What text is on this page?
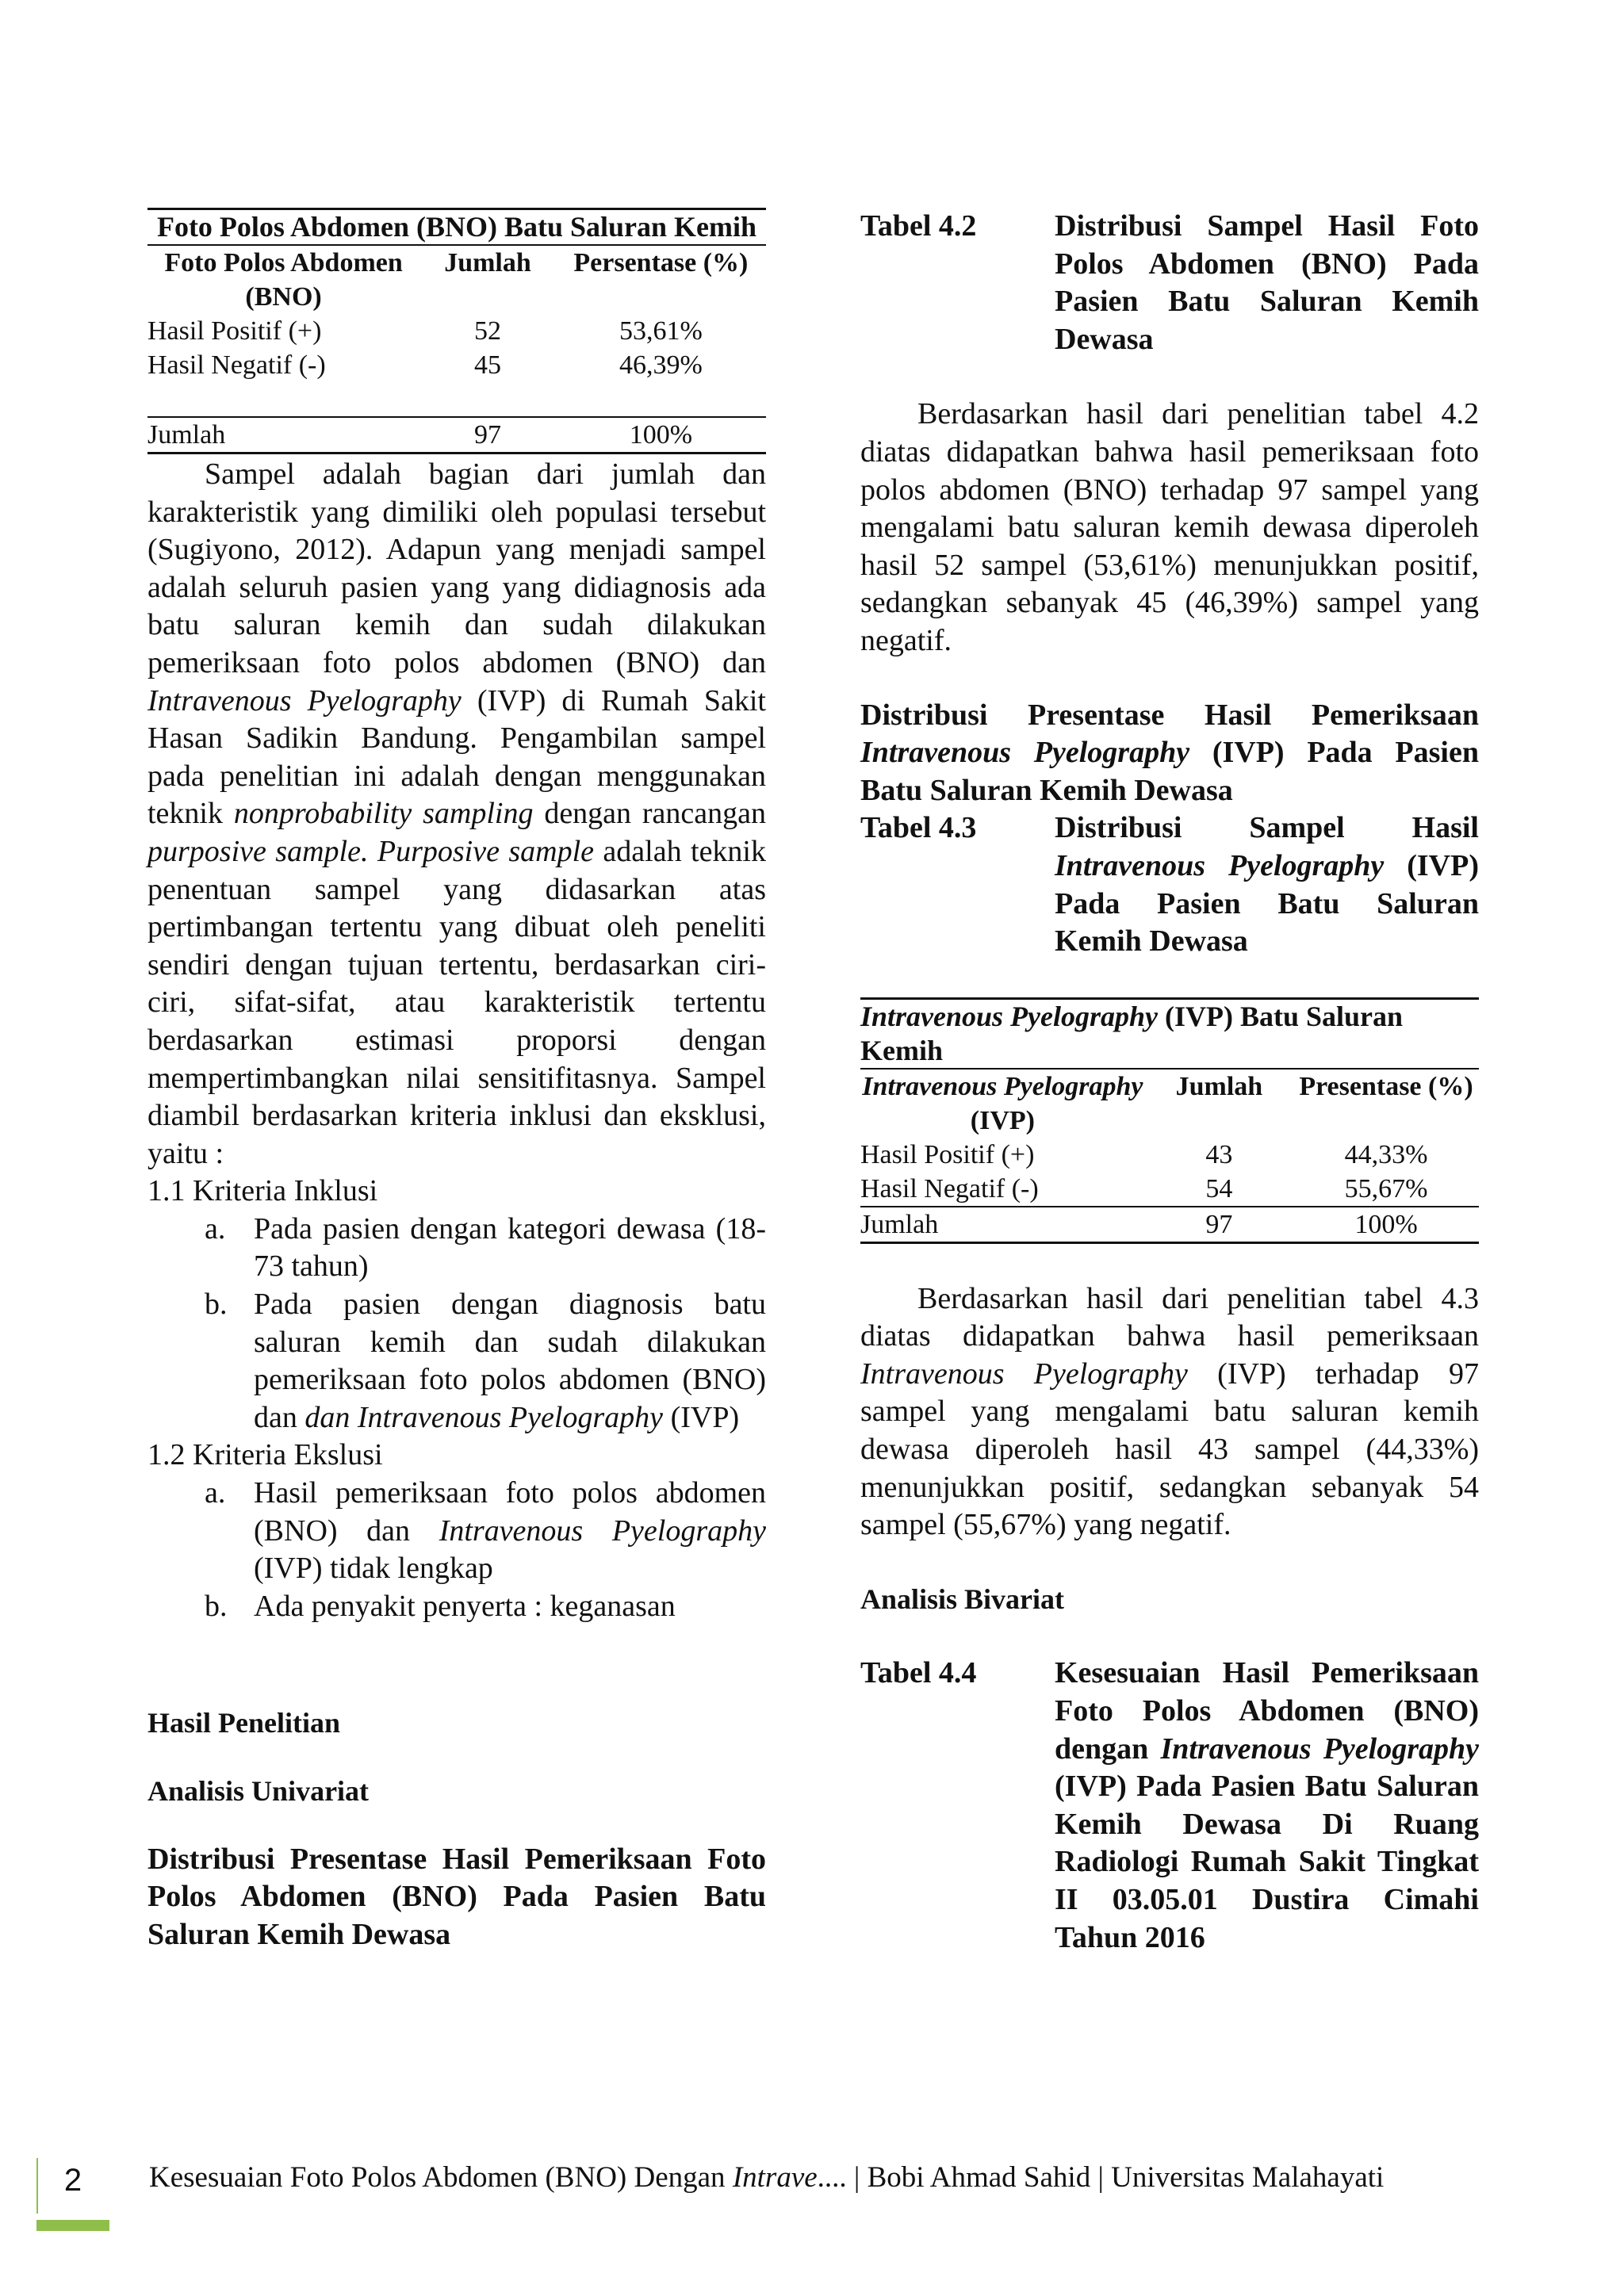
Foto Polos Abdomen (BNO) Batu Saluran Kemih		
Foto Polos Abdomen (BNO)	Jumlah	Persentase (%)
Hasil Positif (+)	52	53,61%
Hasil Negatif (-)	45	46,39%

Jumlah	97	100%

Sampel adalah bagian dari jumlah dan karakteristik yang dimiliki oleh populasi tersebut (Sugiyono, 2012). Adapun yang menjadi sampel adalah seluruh pasien yang yang didiagnosis ada batu saluran kemih dan sudah dilakukan pemeriksaan foto polos abdomen (BNO) dan Intravenous Pyelography (IVP) di Rumah Sakit Hasan Sadikin Bandung. Pengambilan sampel pada penelitian ini adalah dengan menggunakan teknik nonprobability sampling dengan rancangan purposive sample. Purposive sample adalah teknik penentuan sampel yang didasarkan atas pertimbangan tertentu yang dibuat oleh peneliti sendiri dengan tujuan tertentu, berdasarkan ciri-ciri, sifat-sifat, atau karakteristik tertentu berdasarkan estimasi proporsi dengan mempertimbangkan nilai sensitifitasnya. Sampel diambil berdasarkan kriteria inklusi dan eksklusi, yaitu :

1.1 Kriteria Inklusi
a. Pada pasien dengan kategori dewasa (18-73 tahun)
b. Pada pasien dengan diagnosis batu saluran kemih dan sudah dilakukan pemeriksaan foto polos abdomen (BNO) dan dan Intravenous Pyelography (IVP)
1.2 Kriteria Ekslusi
a. Hasil pemeriksaan foto polos abdomen (BNO) dan Intravenous Pyelography (IVP) tidak lengkap
b. Ada penyakit penyerta : keganasan
Hasil Penelitian
Analisis Univariat

Distribusi Presentase Hasil Pemeriksaan Foto Polos Abdomen (BNO) Pada Pasien Batu Saluran Kemih Dewasa

Tabel 4.2	Distribusi Sampel Hasil Foto Polos Abdomen (BNO) Pada Pasien Batu Saluran Kemih Dewasa

Berdasarkan hasil dari penelitian tabel 4.2 diatas didapatkan bahwa hasil pemeriksaan foto polos abdomen (BNO) terhadap 97 sampel yang mengalami batu saluran kemih dewasa diperoleh hasil 52 sampel (53,61%) menunjukkan positif, sedangkan sebanyak 45 (46,39%) sampel yang negatif.

Distribusi Presentase Hasil Pemeriksaan Intravenous Pyelography (IVP) Pada Pasien Batu Saluran Kemih Dewasa

Tabel 4.3	Distribusi Sampel Hasil Intravenous Pyelography (IVP) Pada Pasien Batu Saluran Kemih Dewasa
Intravenous Pyelography (IVP) Batu Saluran Kemih		
Intravenous Pyelography (IVP)	Jumlah	Presentase (%)
Hasil Positif (+)	43	44,33%
Hasil Negatif (-)	54	55,67%
Jumlah	97	100%

Berdasarkan hasil dari penelitian tabel 4.3 diatas didapatkan bahwa hasil pemeriksaan Intravenous Pyelography (IVP) terhadap 97 sampel yang mengalami batu saluran kemih dewasa diperoleh hasil 43 sampel (44,33%) menunjukkan positif, sedangkan sebanyak 54 sampel (55,67%) yang negatif.

Analisis Bivariat
Tabel 4.4	Kesesuaian Hasil Pemeriksaan Foto Polos Abdomen (BNO) dengan Intravenous Pyelography (IVP) Pada Pasien Batu Saluran Kemih Dewasa Di Ruang Radiologi Rumah Sakit Tingkat II 03.05.01 Dustira Cimahi Tahun 2016
2	Kesesuaian Foto Polos Abdomen (BNO) Dengan Intrave.... | Bobi Ahmad Sahid | Universitas Malahayati
